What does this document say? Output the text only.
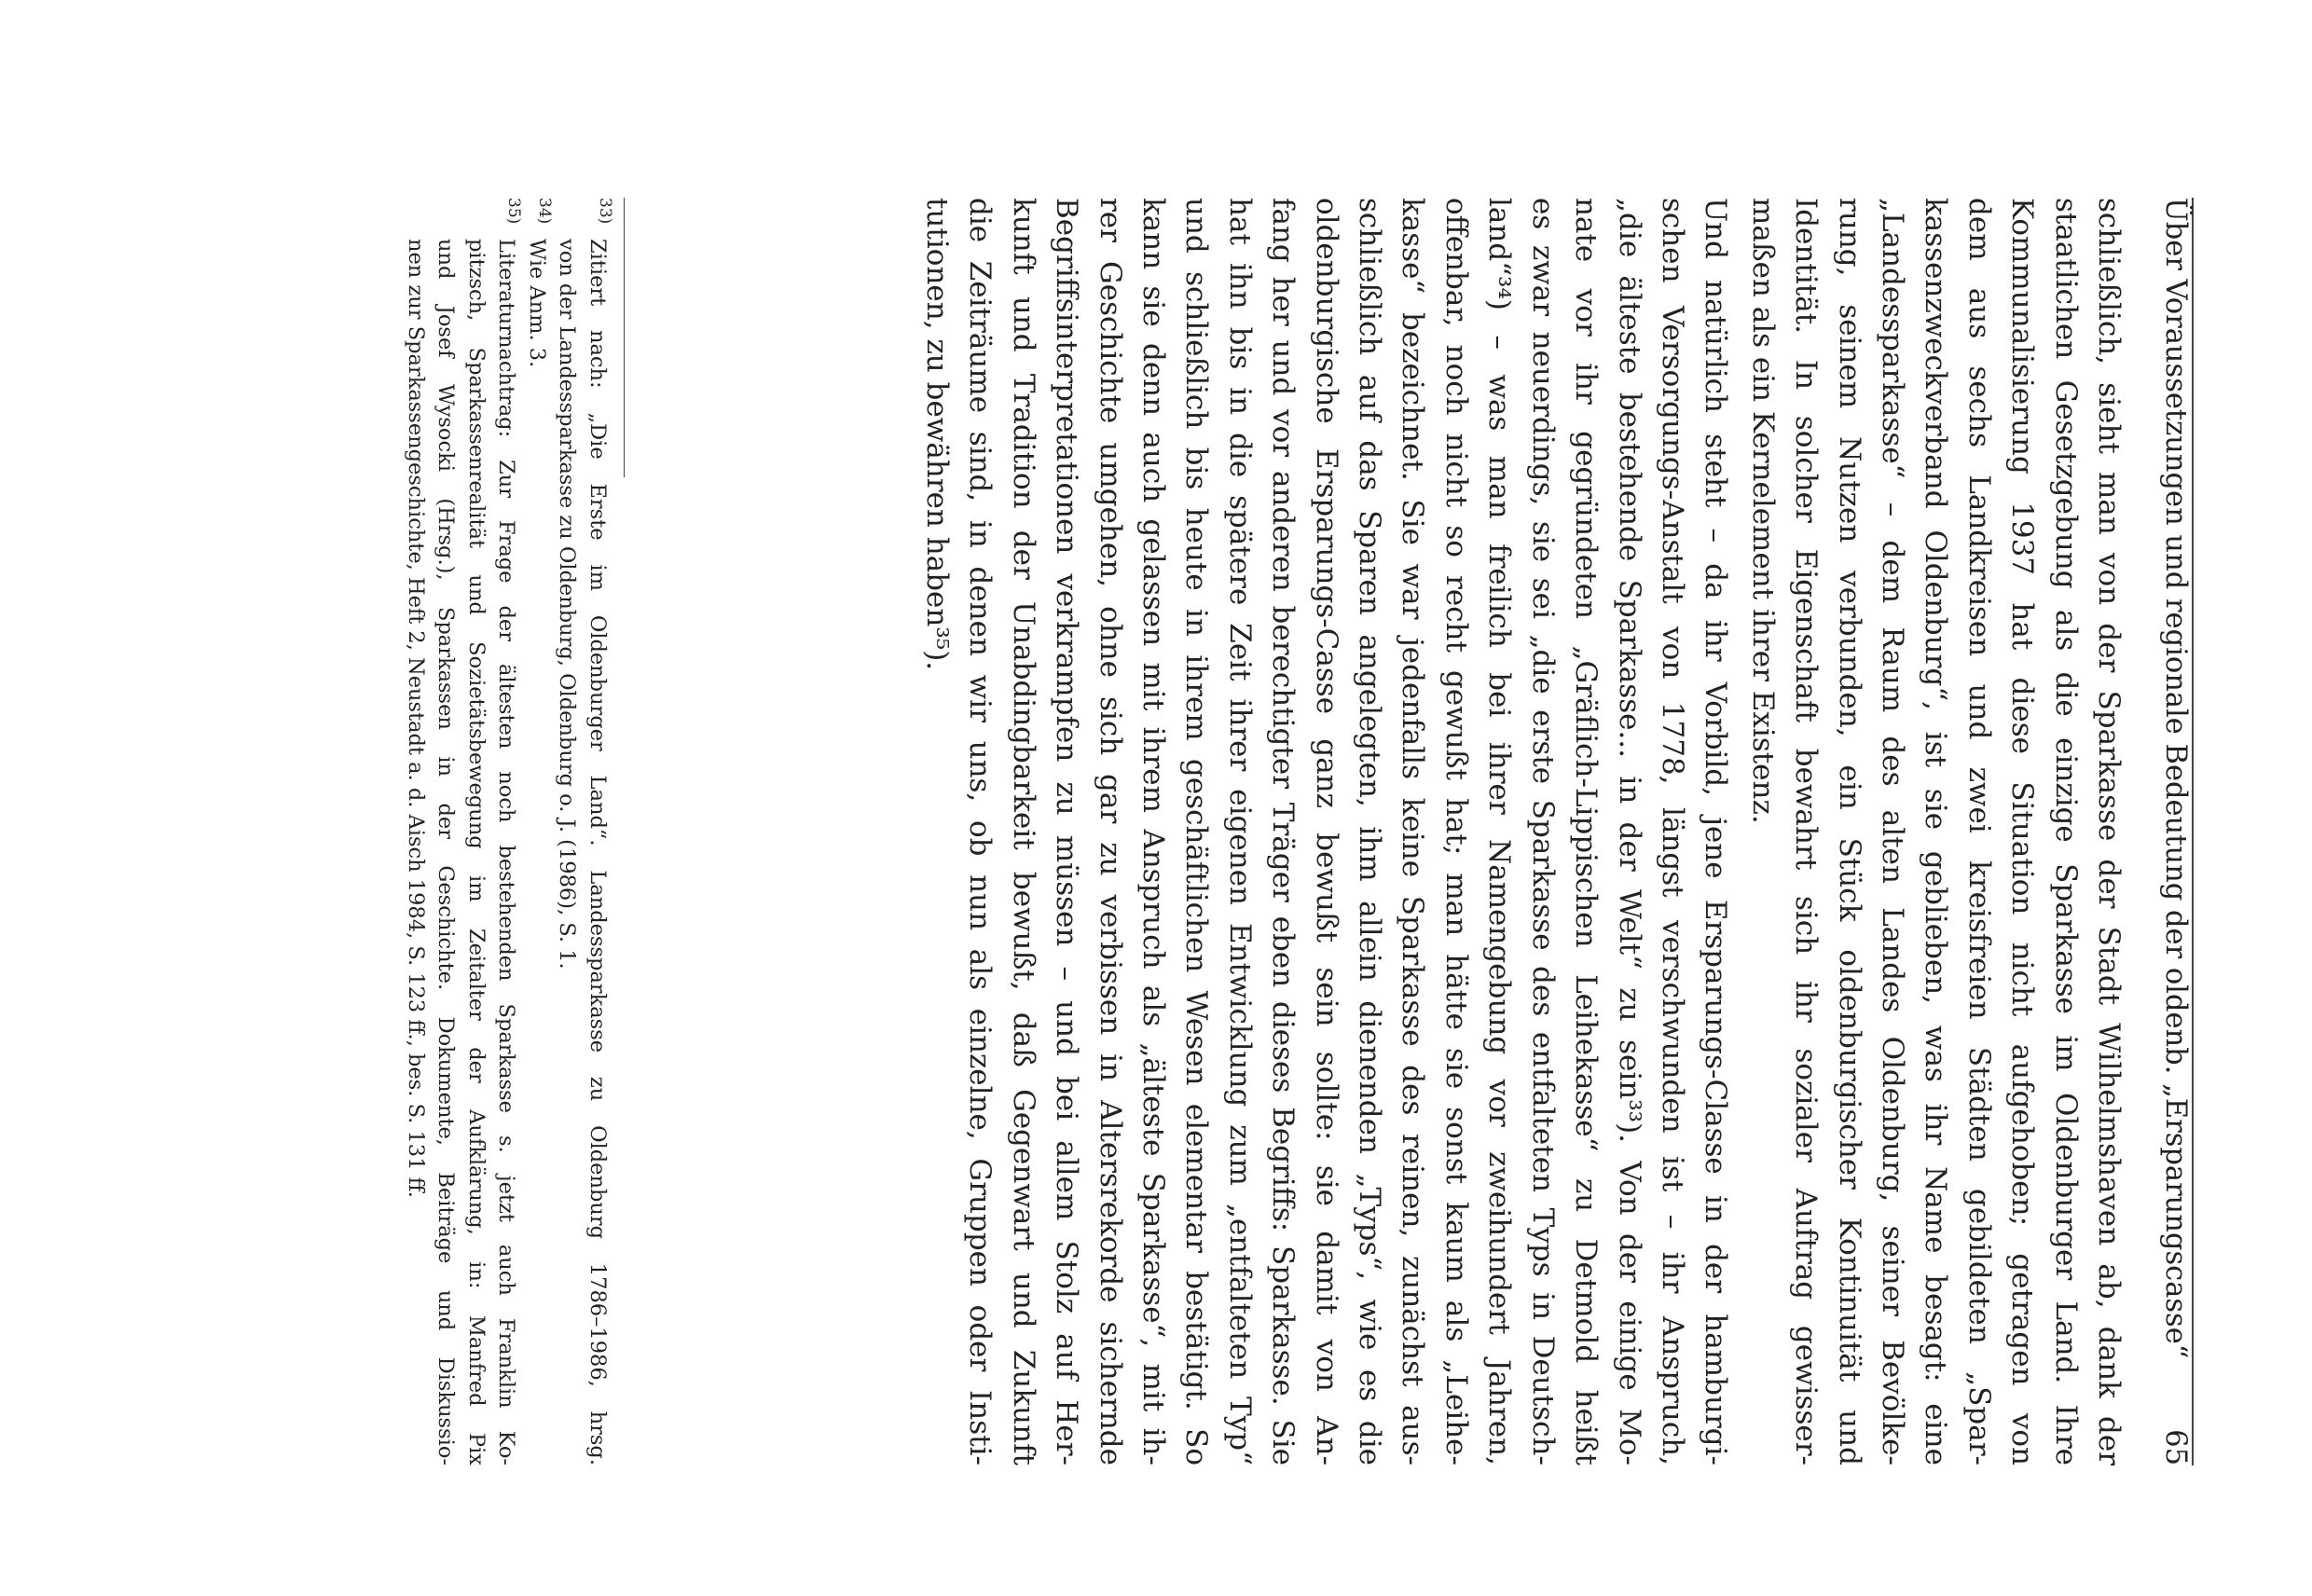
Über Voraussetzungen und regionale Bedeutung der oldenb. „Ersparungscasse“
65
schließlich, sieht man von der Sparkasse der Stadt Wilhelmshaven ab, dank der
staatlichen Gesetzgebung als die einzige Sparkasse im Oldenburger Land. Ihre
Kommunalisierung 1937 hat diese Situation nicht aufgehoben; getragen von
dem aus sechs Landkreisen und zwei kreisfreien Städten gebildeten „Spar-
kassenzweckverband Oldenburg“, ist sie geblieben, was ihr Name besagt: eine
„Landessparkasse“ – dem Raum des alten Landes Oldenburg, seiner Bevölke-
rung, seinem Nutzen verbunden, ein Stück oldenburgischer Kontinuität und
Identität. In solcher Eigenschaft bewahrt sich ihr sozialer Auftrag gewisser-
maßen als ein Kernelement ihrer Existenz.
Und natürlich steht – da ihr Vorbild, jene Ersparungs-Classe in der hamburgi-
schen Versorgungs-Anstalt von 1778, längst verschwunden ist – ihr Anspruch,
„die älteste bestehende Sparkasse... in der Welt“ zu sein³³). Von der einige Mo-
nate vor ihr gegründeten „Gräflich-Lippischen Leihekasse“ zu Detmold heißt
es zwar neuerdings, sie sei „die erste Sparkasse des entfalteten Typs in Deutsch-
land“³⁴) – was man freilich bei ihrer Namengebung vor zweihundert Jahren,
offenbar, noch nicht so recht gewußt hat; man hätte sie sonst kaum als „Leihe-
kasse“ bezeichnet. Sie war jedenfalls keine Sparkasse des reinen, zunächst aus-
schließlich auf das Sparen angelegten, ihm allein dienenden „Typs“, wie es die
oldenburgische Ersparungs-Casse ganz bewußt sein sollte: sie damit von An-
fang her und vor anderen berechtigter Träger eben dieses Begriffs: Sparkasse. Sie
hat ihn bis in die spätere Zeit ihrer eigenen Entwicklung zum „entfalteten Typ“
und schließlich bis heute in ihrem geschäftlichen Wesen elementar bestätigt. So
kann sie denn auch gelassen mit ihrem Anspruch als „älteste Sparkasse“, mit ih-
rer Geschichte umgehen, ohne sich gar zu verbissen in Altersrekorde sichernde
Begriffsinterpretationen verkrampfen zu müssen – und bei allem Stolz auf Her-
kunft und Tradition der Unabdingbarkeit bewußt, daß Gegenwart und Zukunft
die Zeiträume sind, in denen wir uns, ob nun als einzelne, Gruppen oder Insti-
tutionen, zu bewähren haben³⁵).
33)
Zitiert nach: „Die Erste im Oldenburger Land“. Landessparkasse zu Oldenburg 1786–1986, hrsg.
von der Landessparkasse zu Oldenburg, Oldenburg o. J. (1986), S. 1.
34)
Wie Anm. 3.
35)
Literaturnachtrag: Zur Frage der ältesten noch bestehenden Sparkasse s. jetzt auch Franklin Ko-
pitzsch, Sparkassenrealität und Sozietätsbewegung im Zeitalter der Aufklärung, in: Manfred Pix
und Josef Wysocki (Hrsg.), Sparkassen in der Geschichte. Dokumente, Beiträge und Diskussio-
nen zur Sparkassengeschichte, Heft 2, Neustadt a. d. Aisch 1984, S. 123 ff., bes. S. 131 ff.
